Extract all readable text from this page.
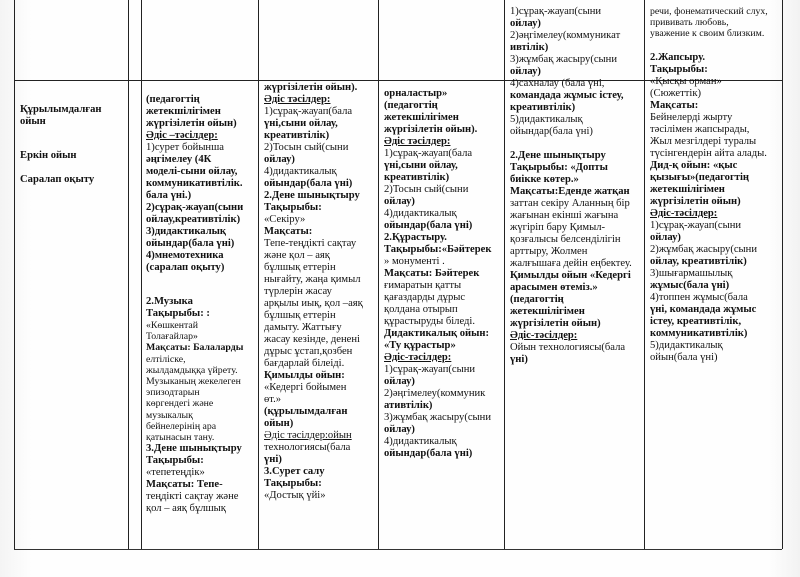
Құрылымдалған ойын

Еркін ойын

Саралап оқыту

(педагогтің

жетекшілігімен

жүргізілетін ойын)

Әдіс –тәсілдер:

1)сурет бойынша

әңгімелеу (4К

моделі-сыни ойлау,

коммуникативтілік.

бала үні.)

2)сұрақ-жауап(сыни

ойлау,креативтілік)

3)дидактикалық

ойындар(бала үні)

4)мнемотехника

(саралап оқыту)

2.Музыка

Тақырыбы: :

«Көшкентай

Толағайлар»

Мақсаты: Балаларды

елтіліске,

жылдамдыққа үйрету.

Музыканың жекелеген

эпизодтарын

көргендегі және

музыкалық

бейнелерінің ара

қатынасын тану.

3.Дене шынықтыру

Тақырыбы:

«тепетеңдік»

Мақсаты: Тепе-

теңдікті сақтау және

қол – аяқ бұлшық

жүргізілетін ойын).

Әдіс тәсілдер:

1)сұрақ-жауап(бала

үні,сыни ойлау,

креативтілік)

2)Тосын сый(сыни

ойлау)

4)дидактикалық

ойындар(бала үні)

2.Дене шынықтыру

Тақырыбы:

«Секіру»

Мақсаты:

Тепе-теңдікті сақтау

және қол – аяқ

бұлшық еттерін

нығайту, жаңа қимыл

түрлерін жасау

арқылы иық, қол –аяқ

бұлшық еттерін

дамыту. Жаттығу

жасау кезінде, денені

дұрыс ұстап,қозбен

бағдарлай білеіді.

Қимылды ойын:

«Кедергі бойымен

өт.»

(құрылымдалған

ойын)

Әдіс тәсілдер:ойын

технологиясы(бала

үні)

3.Сурет салу

Тақырыбы:

«Достық үйі»

орналастыр»

(педагогтің

жетекшілігімен

жүргізілетін ойын).

Әдіс тәсілдер:

1)сұрақ-жауап(бала

үні,сыни ойлау,

креативтілік)

2)Тосын сый(сыни

ойлау)

4)дидактикалық

ойындар(бала үні)

2.Құрастыру.

Тақырыбы:«Бәйтерек

» монументі .

Мақсаты: Бәйтерек

ғимаратын қатты

қағаздарды дұрыс

қолдана отырып

құрастыруды біледі.

Дидактикалық ойын:

«Ту құрастыр»

Әдіс-тәсілдер:

1)сұрақ-жауап(сыни

ойлау)

2)әңгімелеу(коммуник

ативтілік)

3)жұмбақ жасыру(сыни

ойлау)

4)дидактикалық

ойындар(бала үні)

1)сұрақ-жауап(сыни

ойлау)

2)әңгімелеу(коммуникат

ивтілік)

3)жұмбақ жасыру(сыни

ойлау)

4)сахналау (бала үні,

командада жұмыс істеу,

креативтілік)

5)дидактикалық

ойындар(бала үні)

2.Дене шынықтыру

Тақырыбы: «Допты

биікке көтер.»

Мақсаты:Еденде жатқан

заттан секіру Аланның бір

жағынан екінші жағына

жүгіріп бару Қимыл-

қозғалысы белсенділігін

арттыру, Жолмен

жалғышаға дейін еңбектеу.

Қимылды ойын «Кедергі

арасымен өтеміз.»

(педагогтің

жетекшілігімен

жүргізілетін ойын)

Әдіс-тәсілдер:

Ойын технологиясы(бала

үні)

речи, фонематический слух,

прививать любовь,

уважение к своим близким.

2.Жапсыру.

Тақырыбы:

«Қысқы орман»

(Сюжеттік)

Мақсаты:

Бейнелерді жырту

тәсілімен жапсырады,

Жыл мезгілдері туралы

түсінгендерін айта алады.

Дид-қ ойын: «қыс

қызығы»(педагогтің

жетекшілігімен

жүргізілетін ойын)

Әдіс-тәсілдер:

1)сұрақ-жауап(сыни

ойлау)

2)жұмбақ жасыру(сыни

ойлау, креативтілік)

3)шығармашылық

жұмыс(бала үні)

4)топпен жұмыс(бала

үні, командада жұмыс

істеу, креативтілік,

коммуникативтілік)

5)дидактикалық

ойын(бала үні)
